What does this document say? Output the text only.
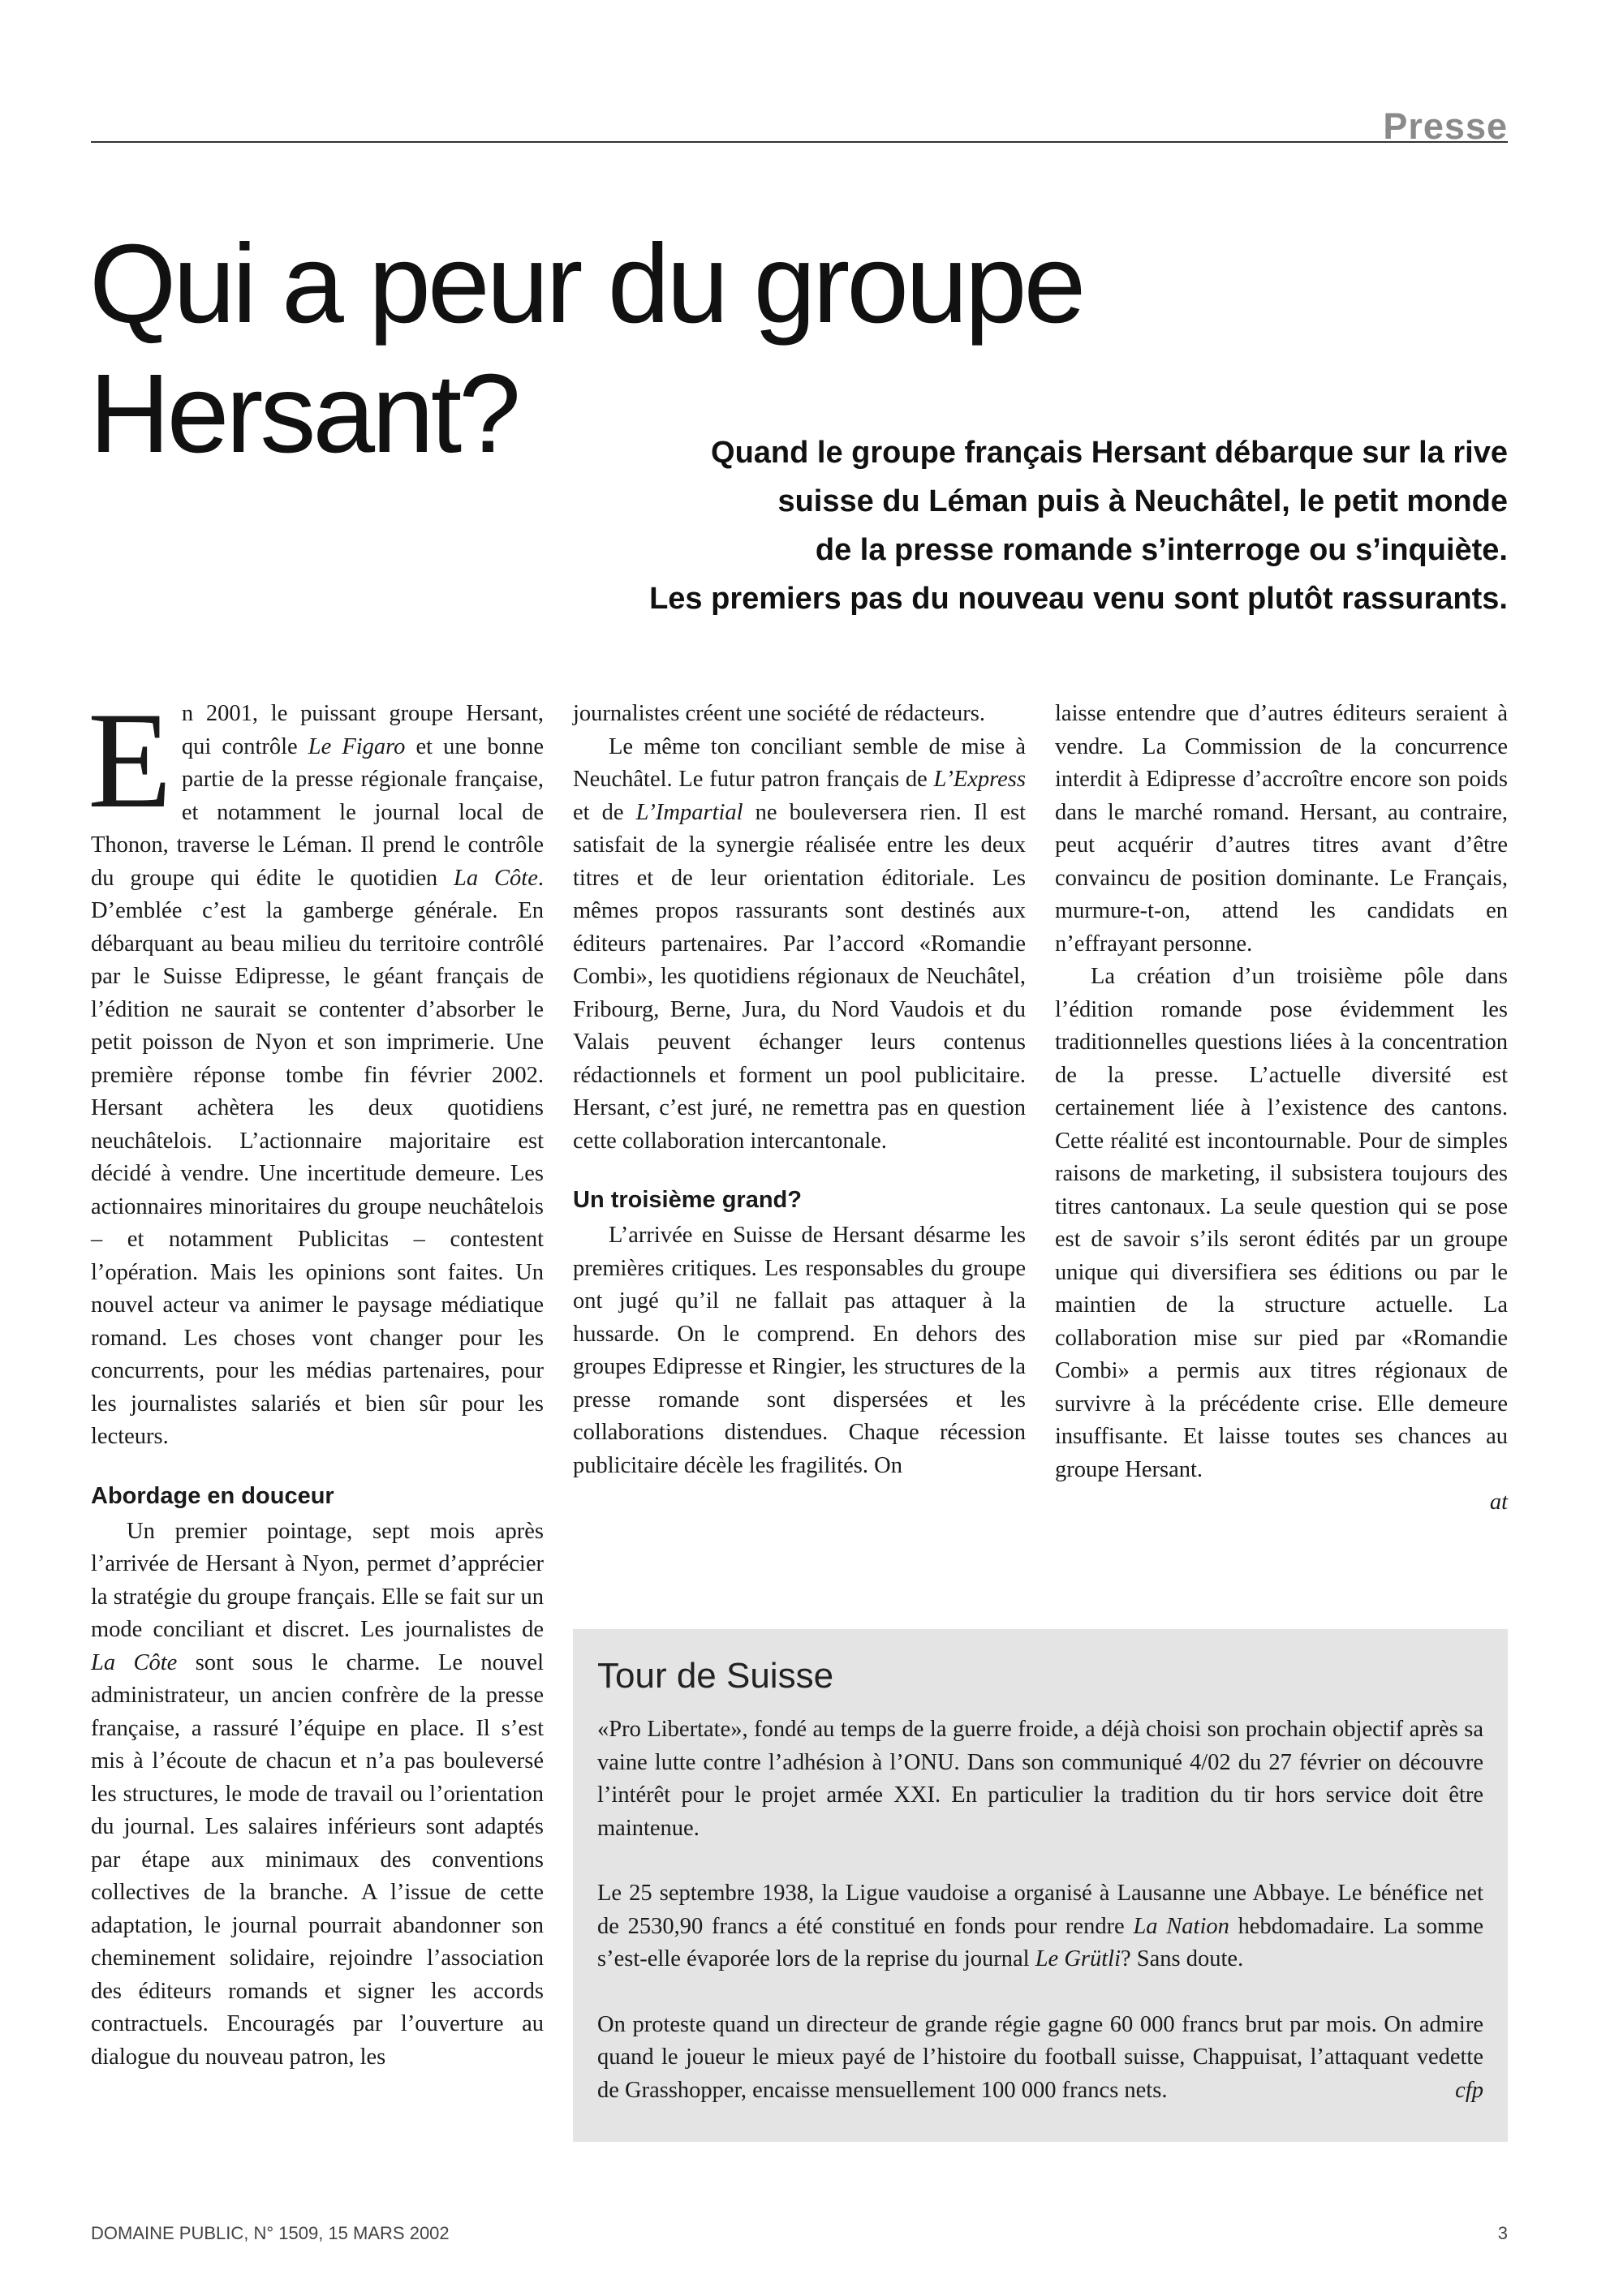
Presse
Qui a peur du groupe Hersant?	Quand le groupe français Hersant débarque sur la rive
suisse du Léman puis à Neuchâtel, le petit monde
de la presse romande s’interroge ou s’inquiète.
Les premiers pas du nouveau venu sont plutôt rassurants.

En 2001, le puissant groupe Hersant, qui contrôle Le Figaro et une bonne partie de la presse régionale française, et notamment le journal local de Thonon, traverse le Léman. Il prend le contrôle du groupe qui édite le quotidien La Côte. D’emblée c’est la gamberge générale. En débarquant au beau milieu du territoire contrôlé par le Suisse Edipresse, le géant français de l’édition ne saurait se contenter d’absorber le petit poisson de Nyon et son imprimerie. Une première réponse tombe fin février 2002. Hersant achètera les deux quotidiens neuchâtelois. L’actionnaire majoritaire est décidé à vendre. Une incertitude demeure. Les actionnaires minoritaires du groupe neuchâtelois – et notamment Publicitas – contestent l’opération. Mais les opinions sont faites. Un nouvel acteur va animer le paysage médiatique romand. Les choses vont changer pour les concurrents, pour les médias partenaires, pour les journalistes salariés et bien sûr pour les lecteurs.

Abordage en douceur

Un premier pointage, sept mois après l’arrivée de Hersant à Nyon, permet d’apprécier la stratégie du groupe français. Elle se fait sur un mode conciliant et discret. Les journalistes de La Côte sont sous le charme. Le nouvel administrateur, un ancien confrère de la presse française, a rassuré l’équipe en place. Il s’est mis à l’écoute de chacun et n’a pas bouleversé les structures, le mode de travail ou l’orientation du journal. Les salaires inférieurs sont adaptés par étape aux minimaux des conventions collectives de la branche. A l’issue de cette adaptation, le journal pourrait abandonner son cheminement solidaire, rejoindre l’association des éditeurs romands et signer les accords contractuels. Encouragés par l’ouverture au dialogue du nouveau patron, les

journalistes créent une société de rédacteurs.

Le même ton conciliant semble de mise à Neuchâtel. Le futur patron français de L’Express et de L’Impartial ne bouleversera rien. Il est satisfait de la synergie réalisée entre les deux titres et de leur orientation éditoriale. Les mêmes propos rassurants sont destinés aux éditeurs partenaires. Par l’accord «Romandie Combi», les quotidiens régionaux de Neuchâtel, Fribourg, Berne, Jura, du Nord Vaudois et du Valais peuvent échanger leurs contenus rédactionnels et forment un pool publicitaire. Hersant, c’est juré, ne remettra pas en question cette collaboration intercantonale.

Un troisième grand?

L’arrivée en Suisse de Hersant désarme les premières critiques. Les responsables du groupe ont jugé qu’il ne fallait pas attaquer à la hussarde. On le comprend. En dehors des groupes Edipresse et Ringier, les structures de la presse romande sont dispersées et les collaborations distendues. Chaque récession publicitaire décèle les fragilités. On

laisse entendre que d’autres éditeurs seraient à vendre. La Commission de la concurrence interdit à Edipresse d’accroître encore son poids dans le marché romand. Hersant, au contraire, peut acquérir d’autres titres avant d’être convaincu de position dominante. Le Français, murmure-t-on, attend les candidats en n’effrayant personne.

La création d’un troisième pôle dans l’édition romande pose évidemment les traditionnelles questions liées à la concentration de la presse. L’actuelle diversité est certainement liée à l’existence des cantons. Cette réalité est incontournable. Pour de simples raisons de marketing, il subsistera toujours des titres cantonaux. La seule question qui se pose est de savoir s’ils seront édités par un groupe unique qui diversifiera ses éditions ou par le maintien de la structure actuelle. La collaboration mise sur pied par «Romandie Combi» a permis aux titres régionaux de survivre à la précédente crise. Elle demeure insuffisante. Et laisse toutes ses chances au groupe Hersant.

at
Tour de Suisse

«Pro Libertate», fondé au temps de la guerre froide, a déjà choisi son prochain objectif après sa vaine lutte contre l’adhésion à l’ONU. Dans son communiqué 4/02 du 27 février on découvre l’intérêt pour le projet armée XXI. En particulier la tradition du tir hors service doit être maintenue.

Le 25 septembre 1938, la Ligue vaudoise a organisé à Lausanne une Abbaye. Le bénéfice net de 2530,90 francs a été constitué en fonds pour rendre La Nation hebdomadaire. La somme s’est-elle évaporée lors de la reprise du journal Le Grütli? Sans doute.

On proteste quand un directeur de grande régie gagne 60 000 francs brut par mois. On admire quand le joueur le mieux payé de l’histoire du football suisse, Chappuisat, l’attaquant vedette de Grasshopper, encaisse mensuellement 100 000 francs nets.	cfp

DOMAINE PUBLIC, N° 1509, 15 MARS 2002	3
